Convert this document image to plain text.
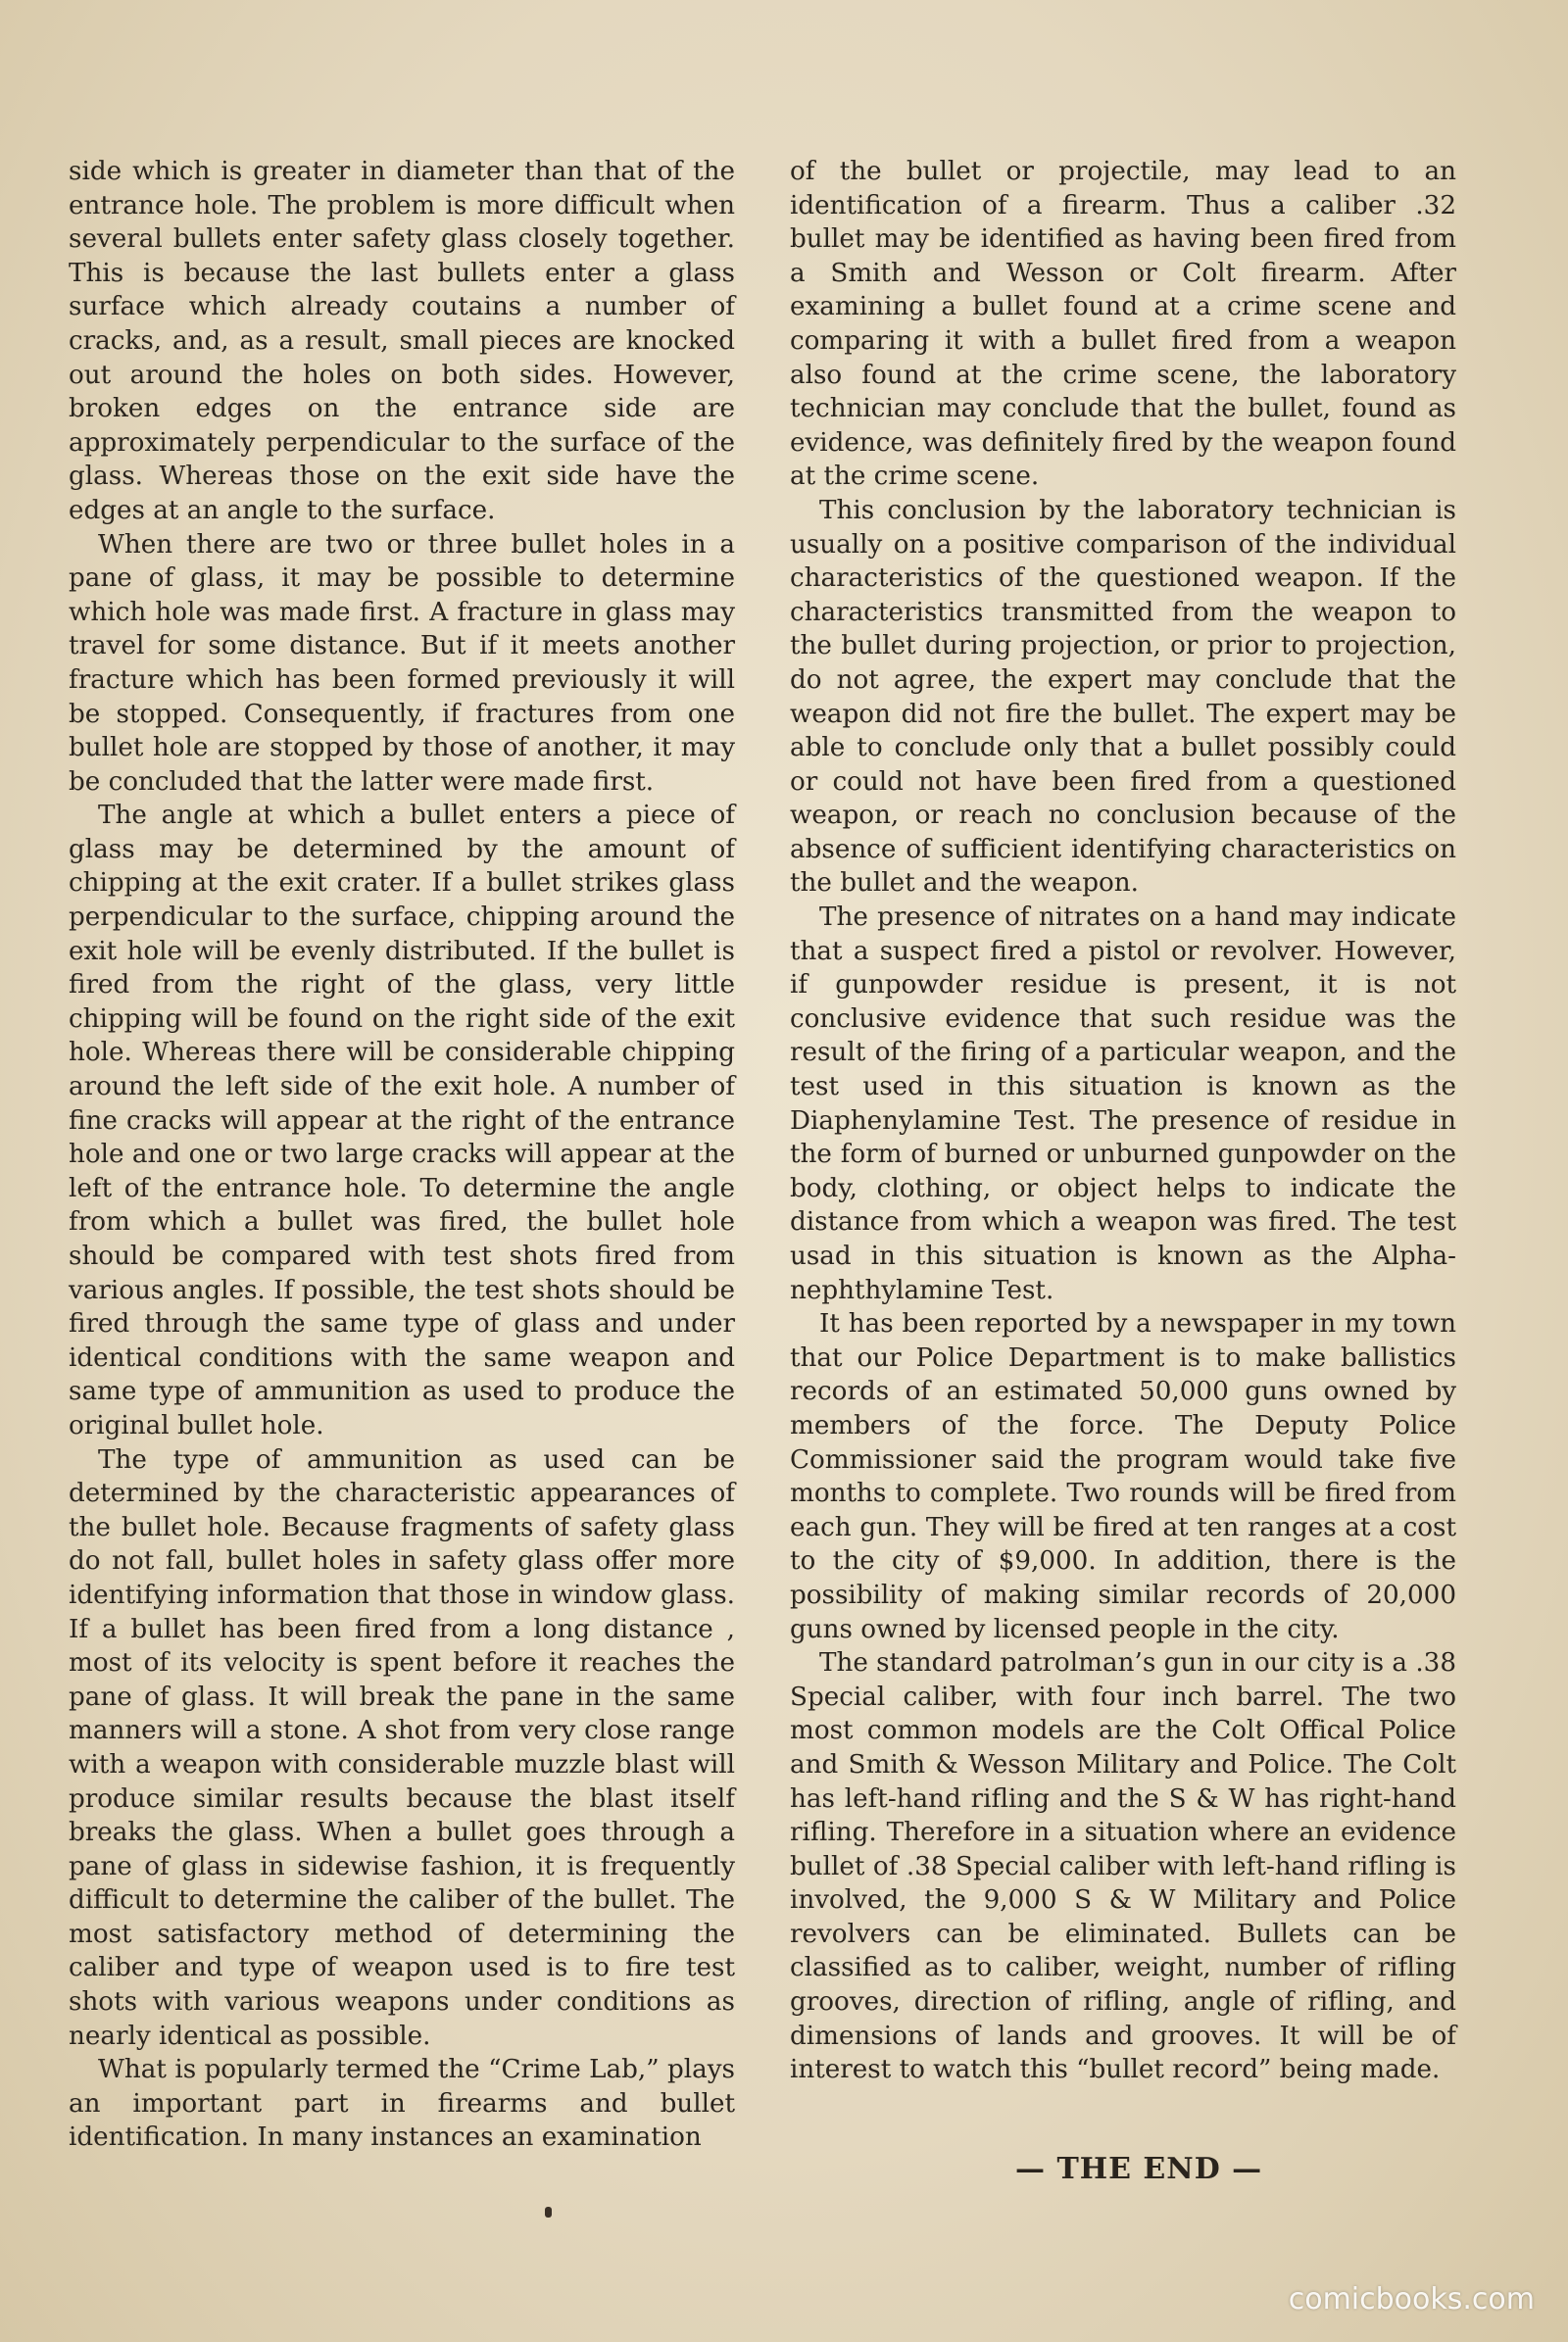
side which is greater in diameter than that of the entrance hole. The problem is more difficult when several bullets enter safety glass closely together. This is because the last bullets enter a glass surface which already coutains a number of cracks, and, as a result, small pieces are knocked out around the holes on both sides. However, broken edges on the entrance side are approximately perpendicular to the surface of the glass. Whereas those on the exit side have the edges at an angle to the surface.

When there are two or three bullet holes in a pane of glass, it may be possible to determine which hole was made first. A fracture in glass may travel for some distance. But if it meets another fracture which has been formed previously it will be stopped. Consequently, if fractures from one bullet hole are stopped by those of another, it may be concluded that the latter were made first.

The angle at which a bullet enters a piece of glass may be determined by the amount of chipping at the exit crater. If a bullet strikes glass perpendicular to the surface, chipping around the exit hole will be evenly distributed. If the bullet is fired from the right of the glass, very little chipping will be found on the right side of the exit hole. Whereas there will be considerable chipping around the left side of the exit hole. A number of fine cracks will appear at the right of the entrance hole and one or two large cracks will appear at the left of the entrance hole. To determine the angle from which a bullet was fired, the bullet hole should be compared with test shots fired from various angles. If possible, the test shots should be fired through the same type of glass and under identical conditions with the same weapon and same type of ammunition as used to produce the original bullet hole.

The type of ammunition as used can be determined by the characteristic appearances of the bullet hole. Because fragments of safety glass do not fall, bullet holes in safety glass offer more identifying information that those in window glass. If a bullet has been fired from a long distance , most of its velocity is spent before it reaches the pane of glass. It will break the pane in the same manners will a stone. A shot from very close range with a weapon with considerable muzzle blast will produce similar results because the blast itself breaks the glass. When a bullet goes through a pane of glass in sidewise fashion, it is frequently difficult to determine the caliber of the bullet. The most satisfactory method of determining the caliber and type of weapon used is to fire test shots with various weapons under conditions as nearly identical as possible.

What is popularly termed the “Crime Lab,” plays an important part in firearms and bullet identification. In many instances an examination

of the bullet or projectile, may lead to an identification of a firearm. Thus a caliber .32 bullet may be identified as having been fired from a Smith and Wesson or Colt firearm. After examining a bullet found at a crime scene and comparing it with a bullet fired from a weapon also found at the crime scene, the laboratory technician may conclude that the bullet, found as evidence, was definitely fired by the weapon found at the crime scene.

This conclusion by the laboratory technician is usually on a positive comparison of the individual characteristics of the questioned weapon. If the characteristics transmitted from the weapon to the bullet during projection, or prior to projection, do not agree, the expert may conclude that the weapon did not fire the bullet. The expert may be able to conclude only that a bullet possibly could or could not have been fired from a questioned weapon, or reach no conclusion because of the absence of sufficient identifying characteristics on the bullet and the weapon.

The presence of nitrates on a hand may indicate that a suspect fired a pistol or revolver. However, if gunpowder residue is present, it is not conclusive evidence that such residue was the result of the firing of a particular weapon, and the test used in this situation is known as the Diaphenylamine Test. The presence of residue in the form of burned or unburned gunpowder on the body, clothing, or object helps to indicate the distance from which a weapon was fired. The test usad in this situation is known as the Alpha-nephthylamine Test.

It has been reported by a newspaper in my town that our Police Department is to make ballistics records of an estimated 50,000 guns owned by members of the force. The Deputy Police Commissioner said the program would take five months to complete. Two rounds will be fired from each gun. They will be fired at ten ranges at a cost to the city of $9,000. In addition, there is the possibility of making similar records of 20,000 guns owned by licensed people in the city.

The standard patrolman’s gun in our city is a .38 Special caliber, with four inch barrel. The two most common models are the Colt Offical Police and Smith & Wesson Military and Police. The Colt has left-hand rifling and the S & W has right-hand rifling. Therefore in a situation where an evidence bullet of .38 Special caliber with left-hand rifling is involved, the 9,000 S & W Military and Police revolvers can be eliminated. Bullets can be classified as to caliber, weight, number of rifling grooves, direction of rifling, angle of rifling, and dimensions of lands and grooves. It will be of interest to watch this “bullet record” being made.

— THE END —
comicbooks.com
